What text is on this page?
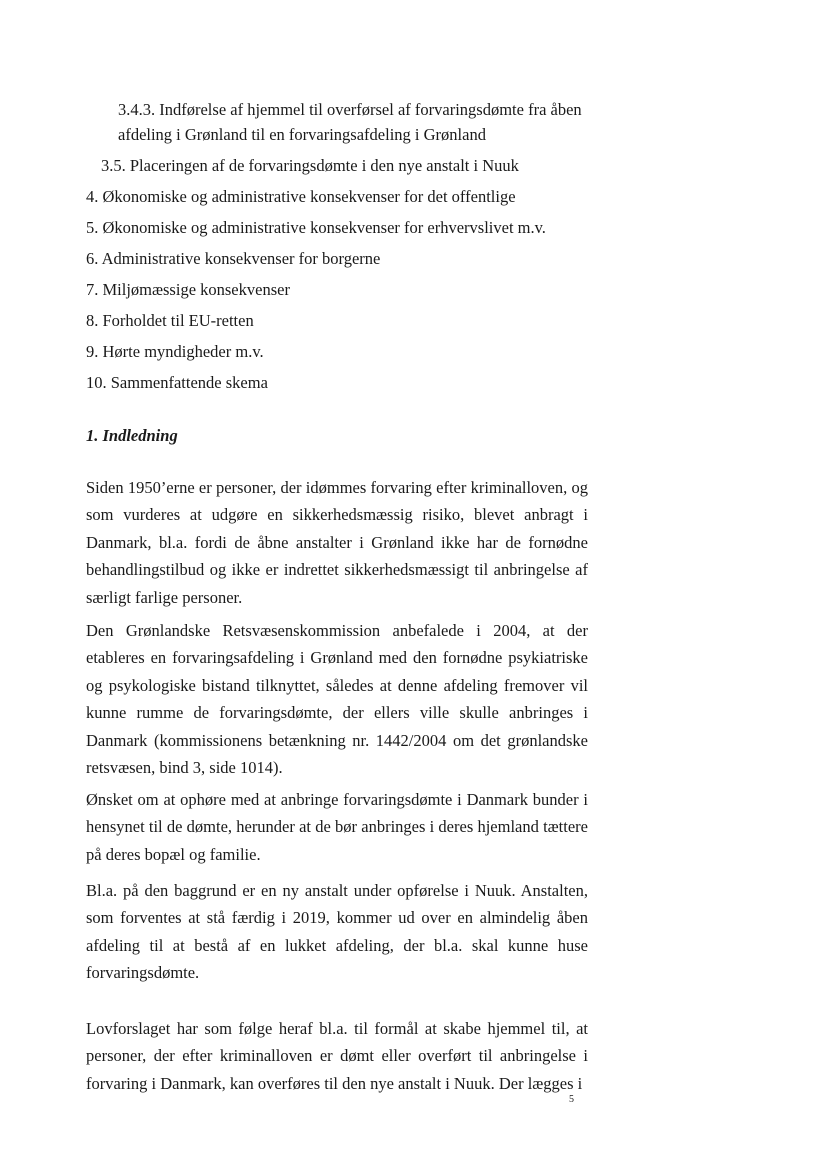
3.4.3. Indførelse af hjemmel til overførsel af forvaringsdømte fra åben

afdeling i Grønland til en forvaringsafdeling i Grønland

3.5. Placeringen af de forvaringsdømte i den nye anstalt i Nuuk

4. Økonomiske og administrative konsekvenser for det offentlige

5. Økonomiske og administrative konsekvenser for erhvervslivet m.v.

6. Administrative konsekvenser for borgerne

7. Miljømæssige konsekvenser

8. Forholdet til EU-retten

9. Hørte myndigheder m.v.

10. Sammenfattende skema

1. Indledning

Siden 1950’erne er personer, der idømmes forvaring efter kriminalloven, og som vurderes at udgøre en sikkerhedsmæssig risiko, blevet anbragt i Danmark, bl.a. fordi de åbne anstalter i Grønland ikke har de fornødne behandlingstilbud og ikke er indrettet sikkerhedsmæssigt til anbringelse af særligt farlige personer.

Den Grønlandske Retsvæsenskommission anbefalede i 2004, at der etableres en forvaringsafdeling i Grønland med den fornødne psykiatriske og psykologiske bistand tilknyttet, således at denne afdeling fremover vil kunne rumme de forvaringsdømte, der ellers ville skulle anbringes i Danmark (kommissionens betænkning nr. 1442/2004 om det grønlandske retsvæsen, bind 3, side 1014).

Ønsket om at ophøre med at anbringe forvaringsdømte i Danmark bunder i hensynet til de dømte, herunder at de bør anbringes i deres hjemland tættere på deres bopæl og familie.

Bl.a. på den baggrund er en ny anstalt under opførelse i Nuuk. Anstalten, som forventes at stå færdig i 2019, kommer ud over en almindelig åben afdeling til at bestå af en lukket afdeling, der bl.a. skal kunne huse forvaringsdømte.

Lovforslaget har som følge heraf bl.a. til formål at skabe hjemmel til, at personer, der efter kriminalloven er dømt eller overført til anbringelse i forvaring i Danmark, kan overføres til den nye anstalt i Nuuk. Der lægges i

5
